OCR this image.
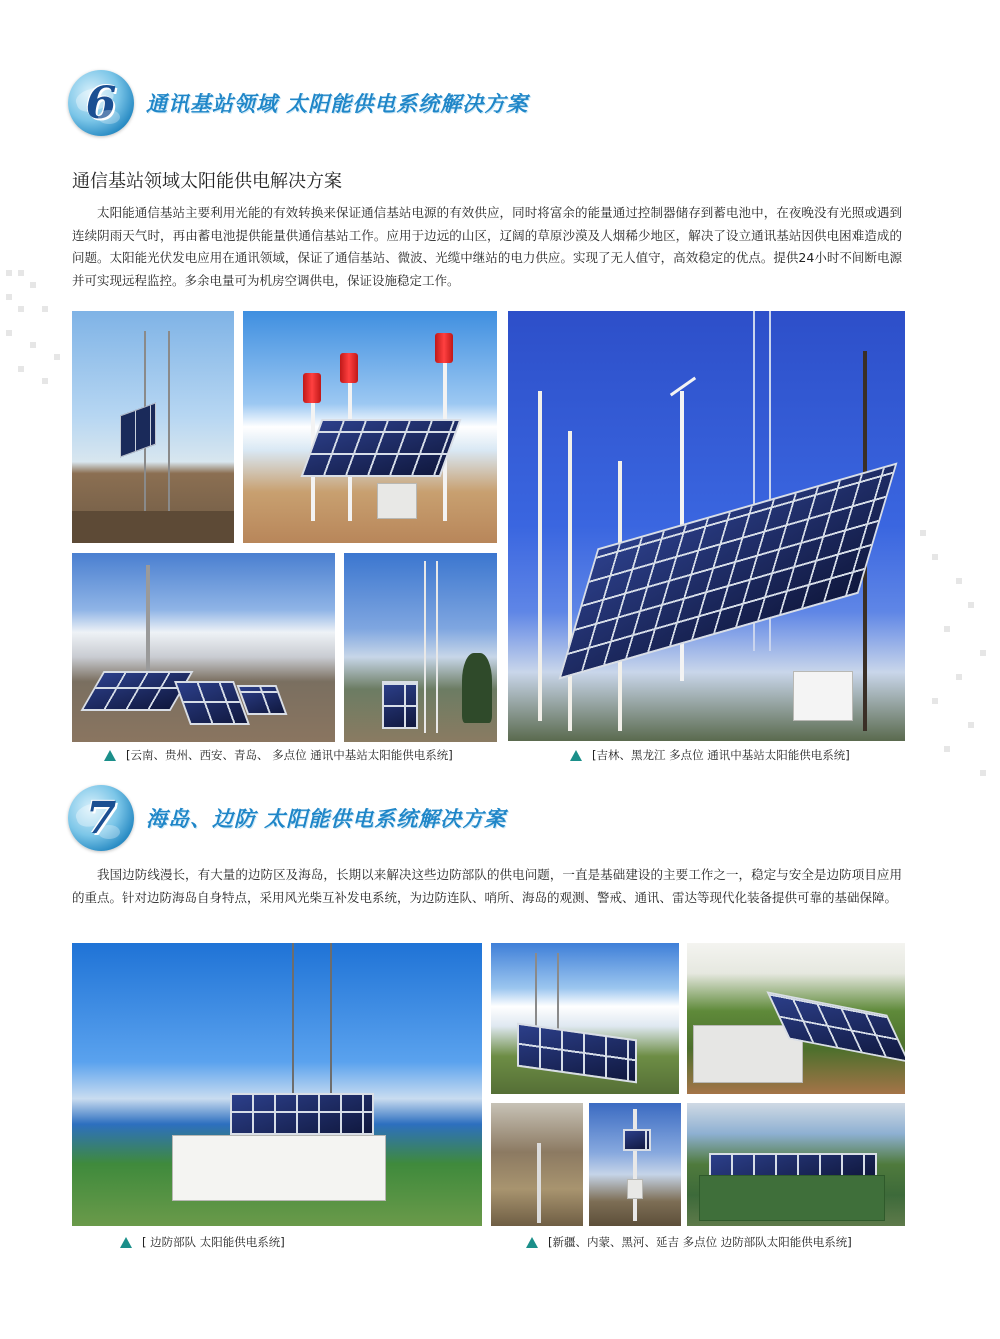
6	通讯基站领域 太阳能供电系统解决方案
通信基站领域太阳能供电解决方案
太阳能通信基站主要利用光能的有效转换来保证通信基站电源的有效供应，同时将富余的能量通过控制器储存到蓄电池中，在夜晚没有光照或遇到连续阴雨天气时，再由蓄电池提供能量供通信基站工作。应用于边远的山区，辽阔的草原沙漠及人烟稀少地区，解决了设立通讯基站因供电困难造成的问题。太阳能光伏发电应用在通讯领域，保证了通信基站、微波、光缆中继站的电力供应。实现了无人值守，高效稳定的优点。提供24小时不间断电源并可实现远程监控。多余电量可为机房空调供电，保证设施稳定工作。
[云南、贵州、西安、青岛、 多点位 通讯中基站太阳能供电系统]	[吉林、黑龙江 多点位 通讯中基站太阳能供电系统]
7	海岛、边防 太阳能供电系统解决方案
我国边防线漫长，有大量的边防区及海岛，长期以来解决这些边防部队的供电问题，一直是基础建设的主要工作之一，稳定与安全是边防项目应用的重点。针对边防海岛自身特点，采用风光柴互补发电系统，为边防连队、哨所、海岛的观测、警戒、通讯、雷达等现代化装备提供可靠的基础保障。
[ 边防部队 太阳能供电系统]	[新疆、内蒙、黑河、延吉 多点位 边防部队太阳能供电系统]
